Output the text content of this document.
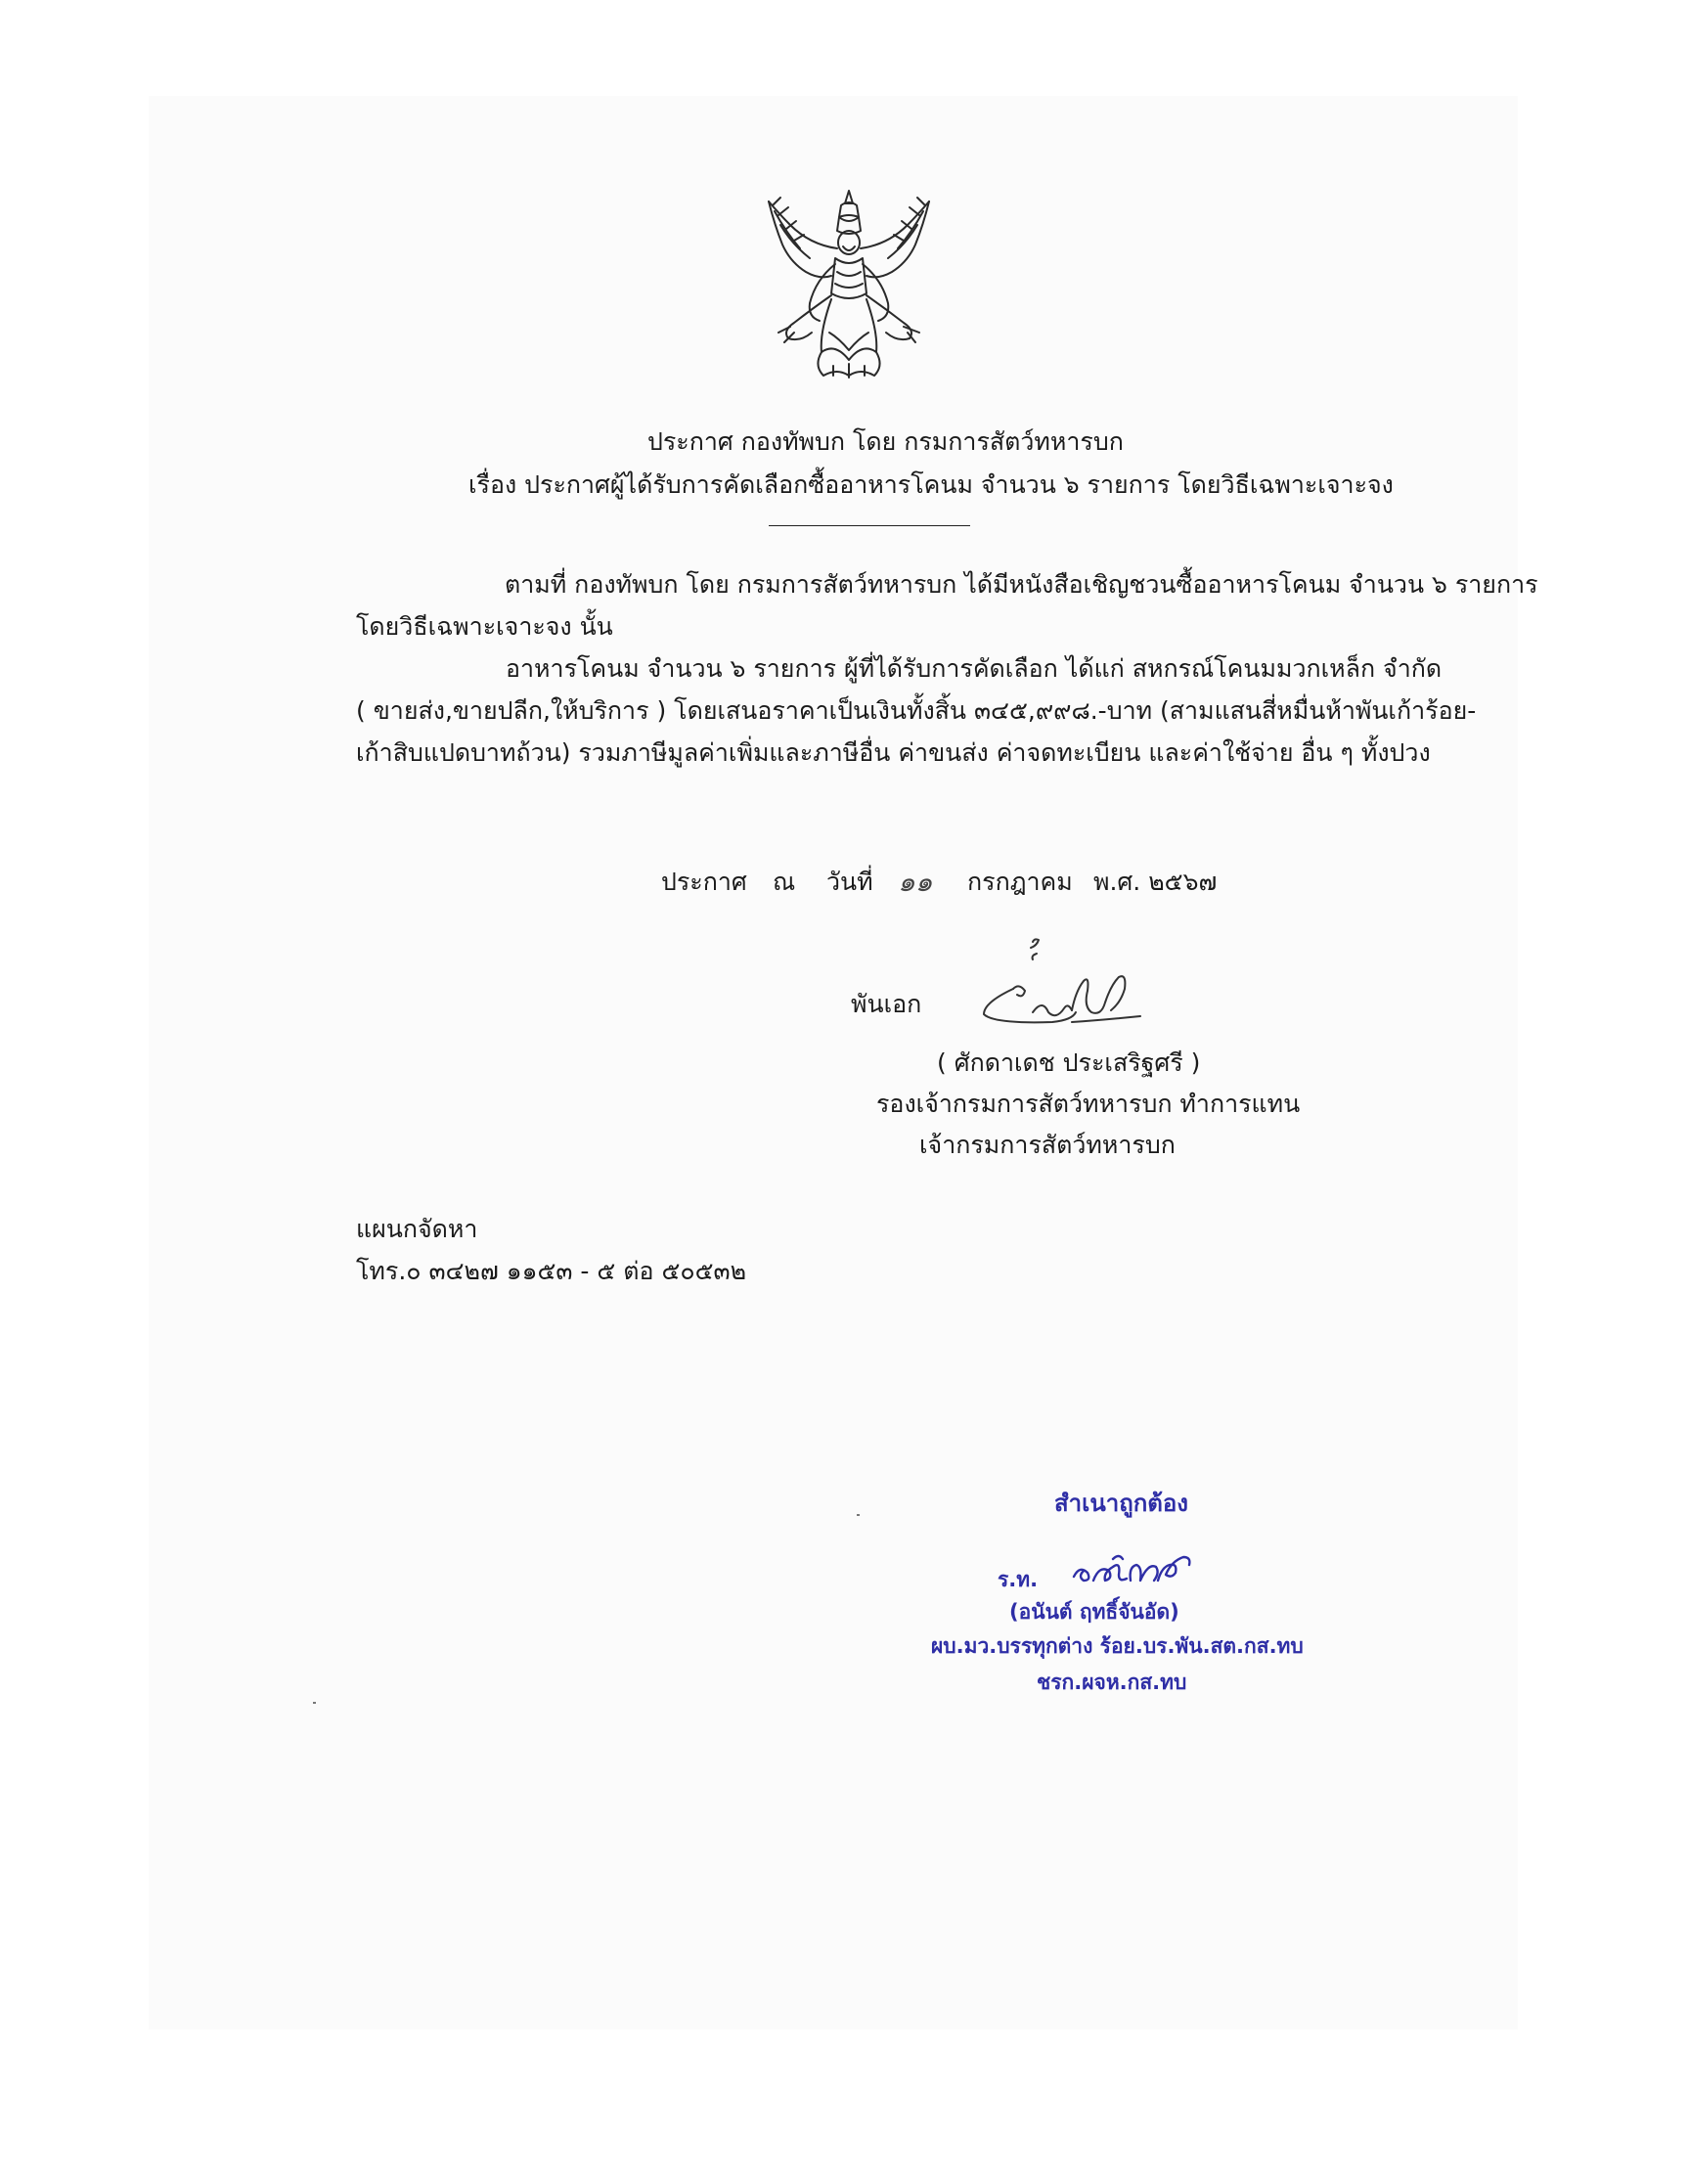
ประกาศ กองทัพบก โดย กรมการสัตว์ทหารบก
เรื่อง ประกาศผู้ได้รับการคัดเลือกซื้ออาหารโคนม จำนวน ๖ รายการ โดยวิธีเฉพาะเจาะจง
ตามที่ กองทัพบก โดย กรมการสัตว์ทหารบก ได้มีหนังสือเชิญชวนซื้ออาหารโคนม จำนวน ๖ รายการ
โดยวิธีเฉพาะเจาะจง นั้น
อาหารโคนม จำนวน ๖ รายการ ผู้ที่ได้รับการคัดเลือก ได้แก่ สหกรณ์โคนมมวกเหล็ก จำกัด
( ขายส่ง,ขายปลีก,ให้บริการ ) โดยเสนอราคาเป็นเงินทั้งสิ้น ๓๔๕,๙๙๘.-บาท (สามแสนสี่หมื่นห้าพันเก้าร้อย-
เก้าสิบแปดบาทถ้วน) รวมภาษีมูลค่าเพิ่มและภาษีอื่น ค่าขนส่ง ค่าจดทะเบียน และค่าใช้จ่าย อื่น ๆ ทั้งปวง
ประกาศ ณ วันที่ ๑๑ กรกฎาคม พ.ศ. ๒๕๖๗
พันเอก
( ศักดาเดช ประเสริฐศรี )
รองเจ้ากรมการสัตว์ทหารบก ทำการแทน
เจ้ากรมการสัตว์ทหารบก
แผนกจัดหา
โทร.๐ ๓๔๒๗ ๑๑๕๓ - ๕ ต่อ ๕๐๕๓๒
สำเนาถูกต้อง
ร.ท.
(อนันต์ ฤทธิ์จันอัด)
ผบ.มว.บรรทุกต่าง ร้อย.บร.พัน.สต.กส.ทบ
ชรก.ผจห.กส.ทบ
